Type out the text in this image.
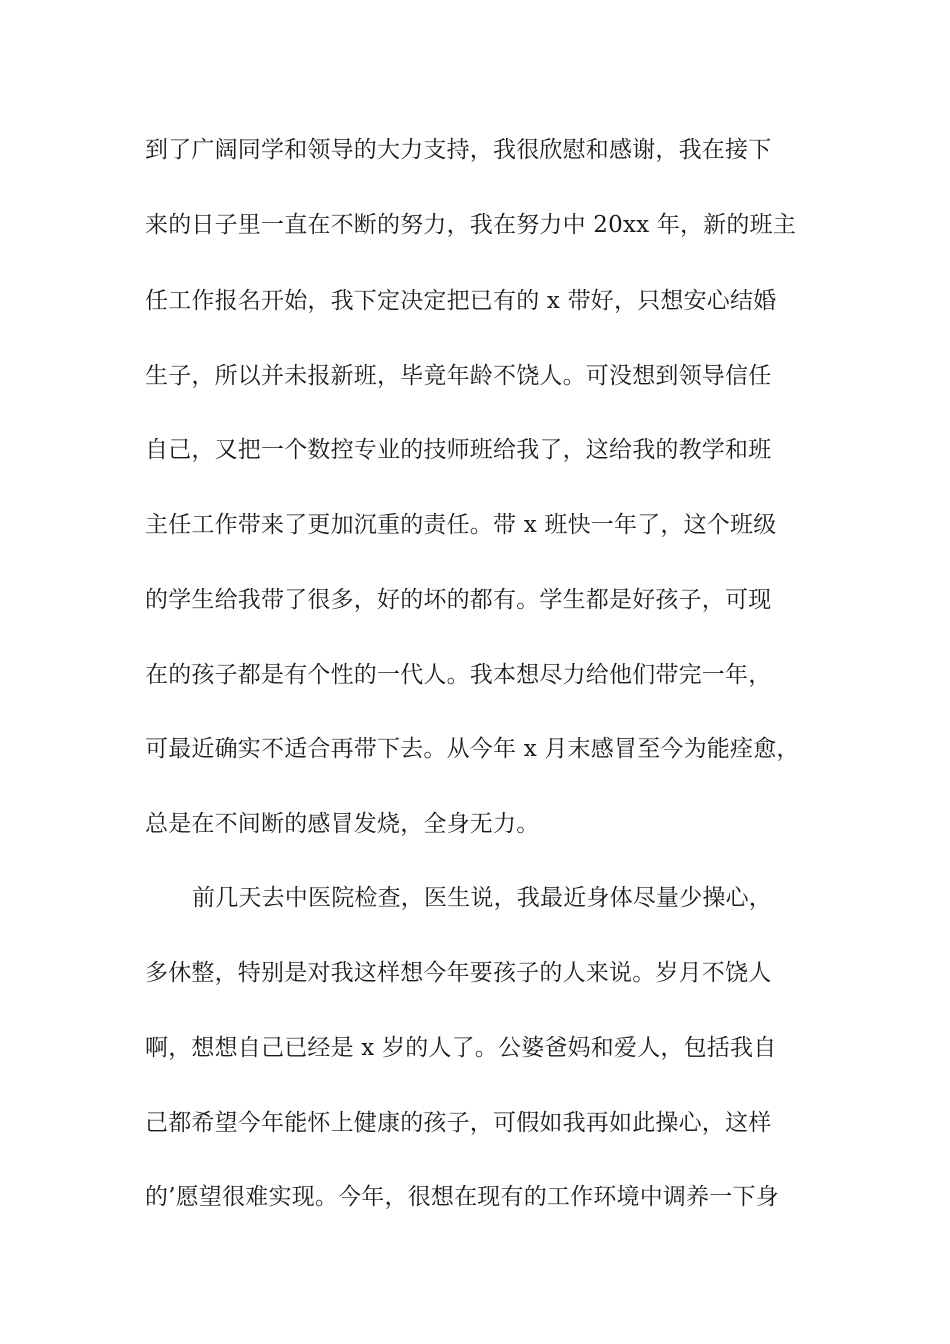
到了广阔同学和领导的大力支持，我很欣慰和感谢，我在接下
来的日子里一直在不断的努力，我在努力中 20xx 年，新的班主
任工作报名开始，我下定决定把已有的 x 带好，只想安心结婚
生子，所以并未报新班，毕竟年龄不饶人。可没想到领导信任
自己，又把一个数控专业的技师班给我了，这给我的教学和班
主任工作带来了更加沉重的责任。带 x 班快一年了，这个班级
的学生给我带了很多，好的坏的都有。学生都是好孩子，可现
在的孩子都是有个性的一代人。我本想尽力给他们带完一年，
可最近确实不适合再带下去。从今年 x 月末感冒至今为能痊愈，
总是在不间断的感冒发烧，全身无力。
前几天去中医院检查，医生说，我最近身体尽量少操心，
多休整，特别是对我这样想今年要孩子的人来说。岁月不饶人
啊，想想自己已经是 x 岁的人了。公婆爸妈和爱人，包括我自
己都希望今年能怀上健康的孩子，可假如我再如此操心，这样
的’愿望很难实现。今年，很想在现有的工作环境中调养一下身
